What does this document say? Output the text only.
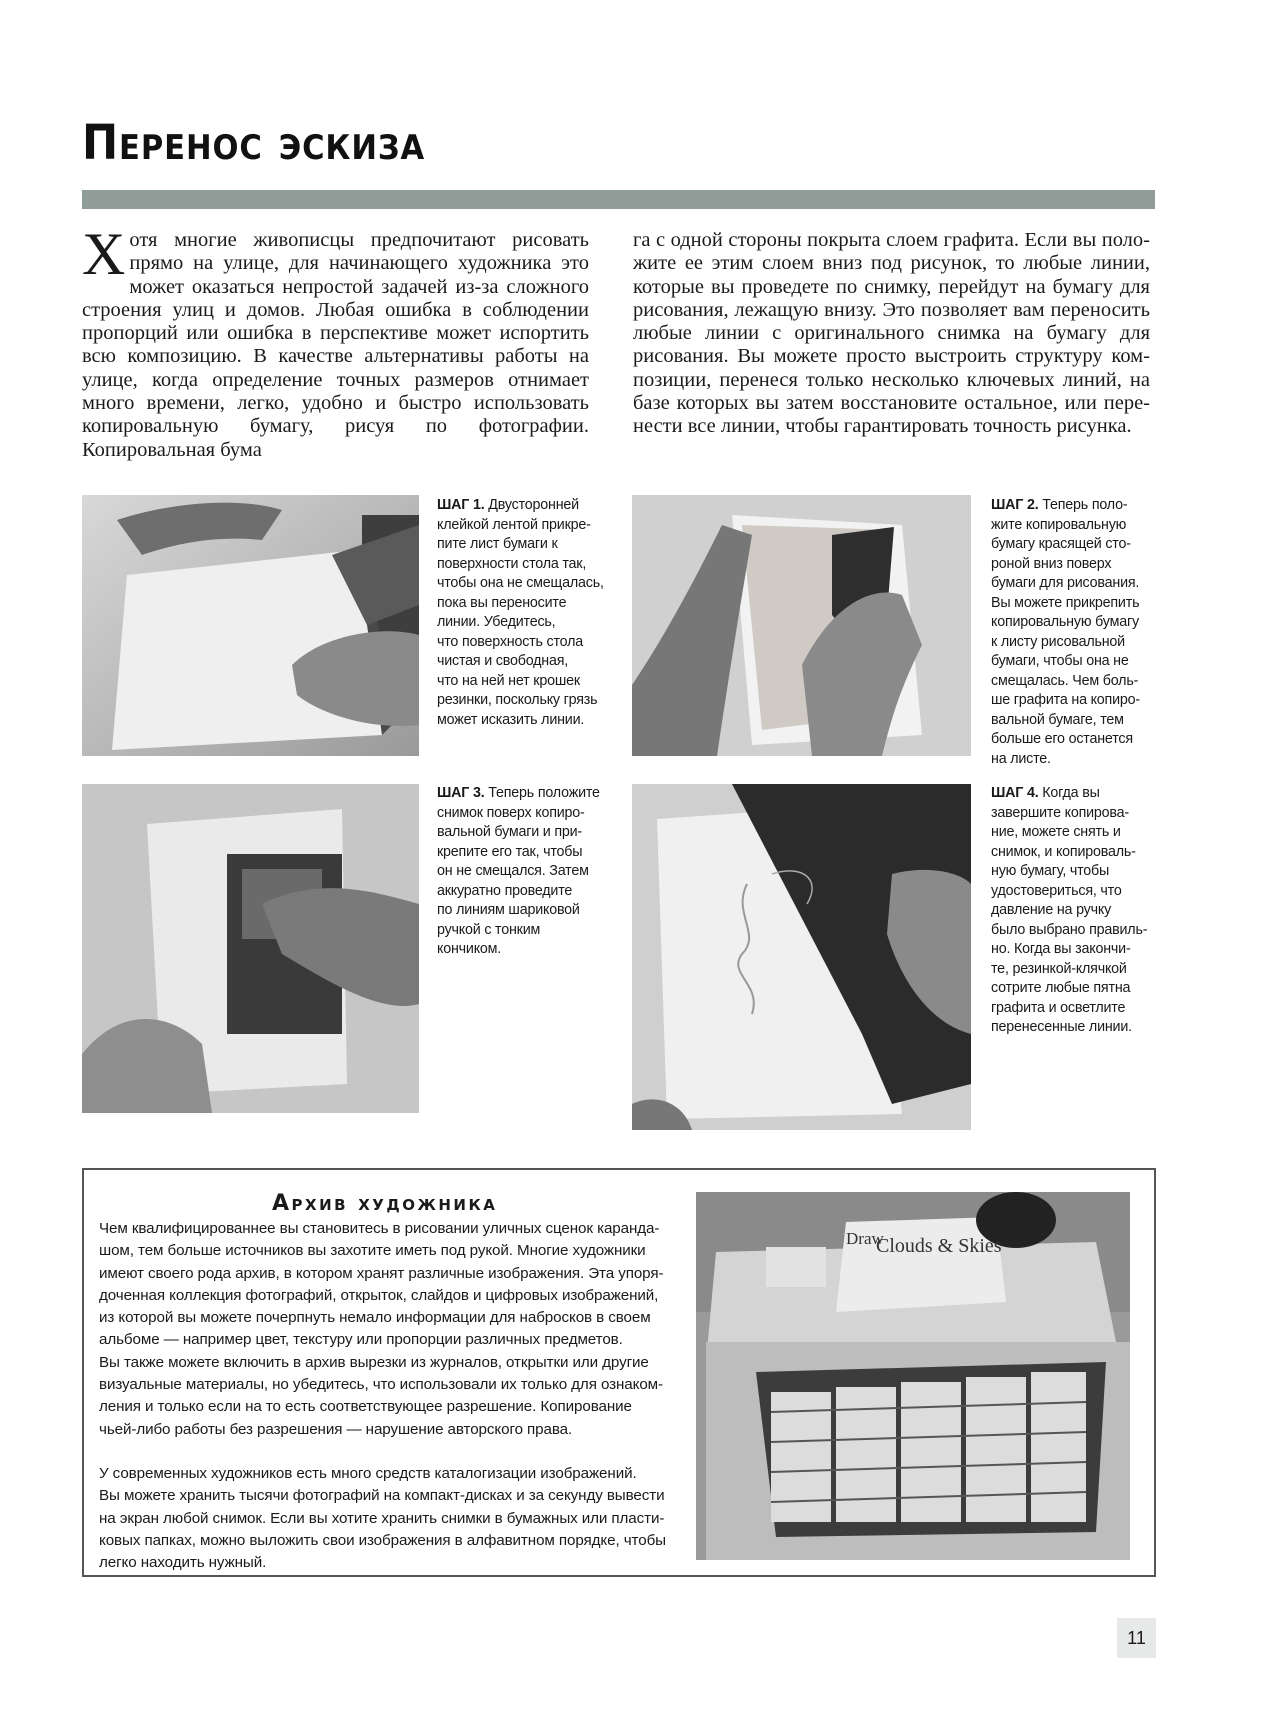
Перенос эскиза

Хотя многие живописцы предпочитают рисовать прямо на улице, для начинающего художника это может оказаться непростой задачей из-за сложного строения улиц и домов. Любая ошибка в соблюдении пропорций или ошибка в перспективе может испортить всю композицию. В качестве альтернативы работы на улице, когда определение точных размеров отнимает много времени, легко, удобно и быстро использовать копировальную бумагу, рисуя по фотографии. Копировальная бума

га с одной стороны покрыта слоем графита. Если вы положите ее этим слоем вниз под рисунок, то любые линии, которые вы проведете по снимку, перейдут на бумагу для рисования, лежащую внизу. Это позволяет вам переносить любые линии с оригинального снимка на бумагу для рисования. Вы можете просто выстроить структуру композиции, перенеся только несколько ключевых линий, на базе которых вы затем восстановите остальное, или перенести все линии, чтобы гарантировать точность рисунка.

ШАГ 1. Двусторонней
клейкой лентой прикре-
пите лист бумаги к
поверхности стола так,
чтобы она не смещалась,
пока вы переносите
линии. Убедитесь,
что поверхность стола
чистая и свободная,
что на ней нет крошек
резинки, поскольку грязь
может исказить линии.

ШАГ 2. Теперь поло-
жите копировальную
бумагу красящей сто-
роной вниз поверх
бумаги для рисования.
Вы можете прикрепить
копировальную бумагу
к листу рисовальной
бумаги, чтобы она не
смещалась. Чем боль-
ше графита на копиро-
вальной бумаге, тем
больше его останется
на листе.

ШАГ 3. Теперь положите
снимок поверх копиро-
вальной бумаги и при-
крепите его так, чтобы
он не смещался. Затем
аккуратно проведите
по линиям шариковой
ручкой с тонким
кончиком.

ШАГ 4. Когда вы
завершите копирова-
ние, можете снять и
снимок, и копироваль-
ную бумагу, чтобы
удостовериться, что
давление на ручку
было выбрано правиль-
но. Когда вы закончи-
те, резинкой-клячкой
сотрите любые пятна
графита и осветлите
перенесенные линии.

Архив художника

Чем квалифицированнее вы становитесь в рисовании уличных сценок каранда-
шом, тем больше источников вы захотите иметь под рукой. Многие художники
имеют своего рода архив, в котором хранят различные изображения. Эта упоря-
доченная коллекция фотографий, открыток, слайдов и цифровых изображений,
из которой вы можете почерпнуть немало информации для набросков в своем
альбоме — например цвет, текстуру или пропорции различных предметов.
Вы также можете включить в архив вырезки из журналов, открытки или другие
визуальные материалы, но убедитесь, что использовали их только для ознаком-
ления и только если на то есть соответствующее разрешение. Копирование
чьей-либо работы без разрешения — нарушение авторского права.
У современных художников есть много средств каталогизации изображений.
Вы можете хранить тысячи фотографий на компакт-дисках и за секунду вывести
на экран любой снимок. Если вы хотите хранить снимки в бумажных или пласти-
ковых папках, можно выложить свои изображения в алфавитном порядке, чтобы
легко находить нужный.

Draw
Clouds & Skies
11
